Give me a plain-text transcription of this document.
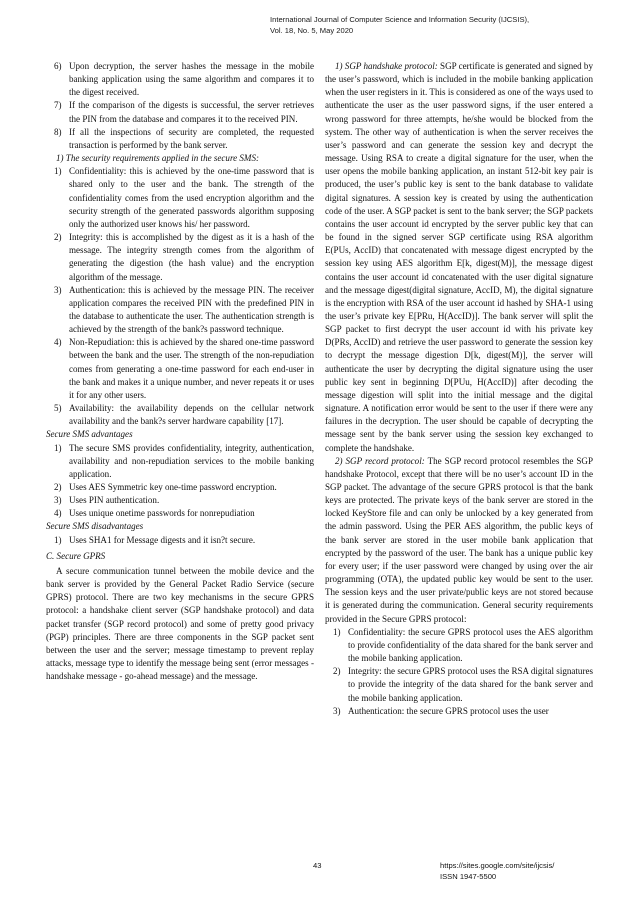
International Journal of Computer Science and Information Security (IJCSIS),
Vol. 18, No. 5, May 2020
6) Upon decryption, the server hashes the message in the mobile banking application using the same algorithm and compares it to the digest received.

7) If the comparison of the digests is successful, the server retrieves the PIN from the database and compares it to the received PIN.

8) If all the inspections of security are completed, the requested transaction is performed by the bank server.

1) The security requirements applied in the secure SMS:

1) Confidentiality: this is achieved by the one-time password that is shared only to the user and the bank. The strength of the confidentiality comes from the used encryption algorithm and the security strength of the generated passwords algorithm supposing only the authorized user knows his/ her password.

2) Integrity: this is accomplished by the digest as it is a hash of the message. The integrity strength comes from the algorithm of generating the digestion (the hash value) and the encryption algorithm of the message.

3) Authentication: this is achieved by the message PIN. The receiver application compares the received PIN with the predefined PIN in the database to authenticate the user. The authentication strength is achieved by the strength of the bank?s password technique.

4) Non-Repudiation: this is achieved by the shared one-time password between the bank and the user. The strength of the non-repudiation comes from generating a one-time password for each end-user in the bank and makes it a unique number, and never repeats it or uses it for any other users.

5) Availability: the availability depends on the cellular network availability and the bank?s server hardware capability [17].

Secure SMS advantages

1) The secure SMS provides confidentiality, integrity, authentication, availability and non-repudiation services to the mobile banking application.

2) Uses AES Symmetric key one-time password encryption.

3) Uses PIN authentication.

4) Uses unique onetime passwords for nonrepudiation

Secure SMS disadvantages

1) Uses SHA1 for Message digests and it isn?t secure.

C. Secure GPRS

A secure communication tunnel between the mobile device and the bank server is provided by the General Packet Radio Service (secure GPRS) protocol. There are two key mechanisms in the secure GPRS protocol: a handshake client server (SGP handshake protocol) and data packet transfer (SGP record protocol) and some of pretty good privacy (PGP) principles. There are three components in the SGP packet sent between the user and the server; message timestamp to prevent replay attacks, message type to identify the message being sent (error messages - handshake message - go-ahead message) and the message.

1) SGP handshake protocol: SGP certificate is generated and signed by the user’s password, which is included in the mobile banking application when the user registers in it. This is considered as one of the ways used to authenticate the user as the user password signs, if the user entered a wrong password for three attempts, he/she would be blocked from the system. The other way of authentication is when the server receives the user’s password and can generate the session key and decrypt the message. Using RSA to create a digital signature for the user, when the user opens the mobile banking application, an instant 512-bit key pair is produced, the user’s public key is sent to the bank database to validate digital signatures. A session key is created by using the authentication code of the user. A SGP packet is sent to the bank server; the SGP packets contains the user account id encrypted by the server public key that can be found in the signed server SGP certificate using RSA algorithm E(PUs, AccID) that concatenated with message digest encrypted by the session key using AES algorithm E[k, digest(M)], the message digest contains the user account id concatenated with the user digital signature and the message digest(digital signature, AccID, M), the digital signature is the encryption with RSA of the user account id hashed by SHA-1 using the user’s private key E[PRu, H(AccID)]. The bank server will split the SGP packet to first decrypt the user account id with his private key D(PRs, AccID) and retrieve the user password to generate the session key to decrypt the message digestion D[k, digest(M)], the server will authenticate the user by decrypting the digital signature using the user public key sent in beginning D[PUu, H(AccID)] after decoding the message digestion will split into the initial message and the digital signature. A notification error would be sent to the user if there were any failures in the decryption. The user should be capable of decrypting the message sent by the bank server using the session key exchanged to complete the handshake.

2) SGP record protocol: The SGP record protocol resembles the SGP handshake Protocol, except that there will be no user’s account ID in the SGP packet. The advantage of the secure GPRS protocol is that the bank keys are protected. The private keys of the bank server are stored in the locked KeyStore file and can only be unlocked by a key generated from the admin password. Using the PER AES algorithm, the public keys of the bank server are stored in the user mobile bank application that encrypted by the password of the user. The bank has a unique public key for every user; if the user password were changed by using over the air programming (OTA), the updated public key would be sent to the user. The session keys and the user private/public keys are not stored because it is generated during the communication. General security requirements provided in the Secure GPRS protocol:

1) Confidentiality: the secure GPRS protocol uses the AES algorithm to provide confidentiality of the data shared for the bank server and the mobile banking application.

2) Integrity: the secure GPRS protocol uses the RSA digital signatures to provide the integrity of the data shared for the bank server and the mobile banking application.

3) Authentication: the secure GPRS protocol uses the user

43	https://sites.google.com/site/ijcsis/
ISSN 1947-5500
